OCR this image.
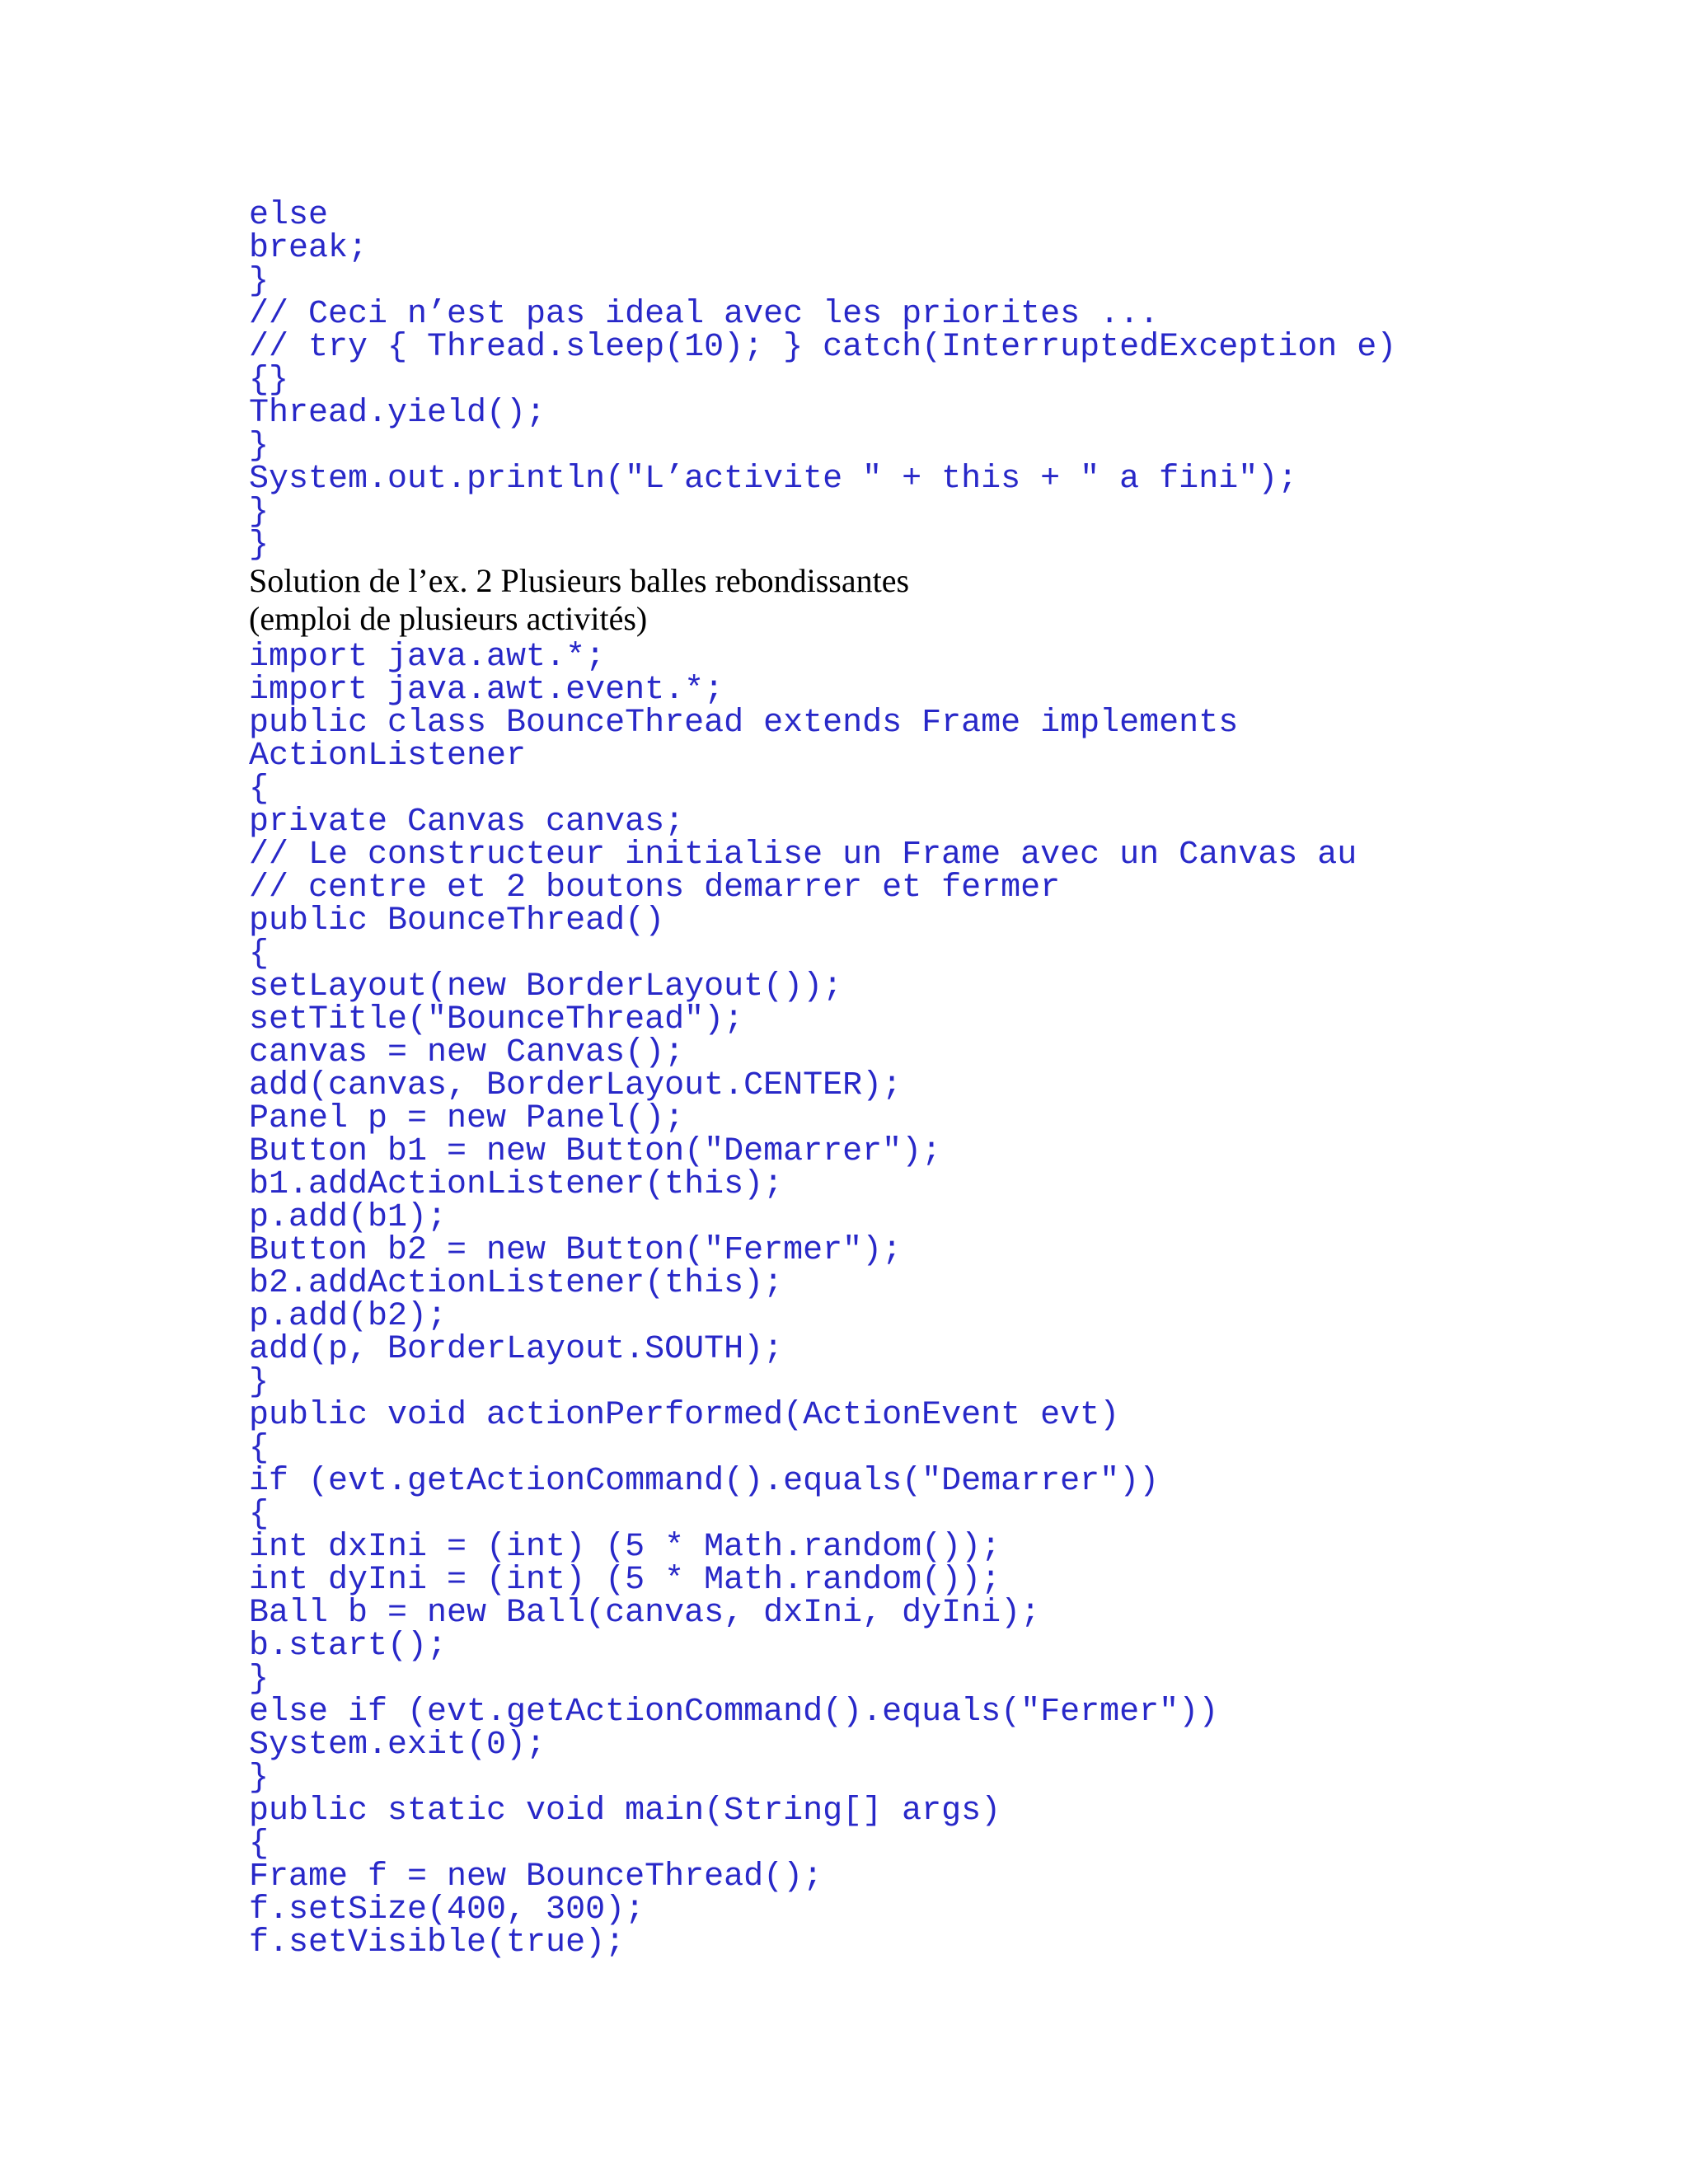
else
break;
}
// Ceci n’est pas ideal avec les priorites ...
// try { Thread.sleep(10); } catch(InterruptedException e)
{}
Thread.yield();
}
System.out.println("L’activite " + this + " a fini");
}
}
Solution de l’ex. 2 Plusieurs balles rebondissantes
(emploi de plusieurs activités)
import java.awt.*;
import java.awt.event.*;
public class BounceThread extends Frame implements
ActionListener
{
private Canvas canvas;
// Le constructeur initialise un Frame avec un Canvas au
// centre et 2 boutons demarrer et fermer
public BounceThread()
{
setLayout(new BorderLayout());
setTitle("BounceThread");
canvas = new Canvas();
add(canvas, BorderLayout.CENTER);
Panel p = new Panel();
Button b1 = new Button("Demarrer");
b1.addActionListener(this);
p.add(b1);
Button b2 = new Button("Fermer");
b2.addActionListener(this);
p.add(b2);
add(p, BorderLayout.SOUTH);
}
public void actionPerformed(ActionEvent evt)
{
if (evt.getActionCommand().equals("Demarrer"))
{
int dxIni = (int) (5 * Math.random());
int dyIni = (int) (5 * Math.random());
Ball b = new Ball(canvas, dxIni, dyIni);
b.start();
}
else if (evt.getActionCommand().equals("Fermer"))
System.exit(0);
}
public static void main(String[] args)
{
Frame f = new BounceThread();
f.setSize(400, 300);
f.setVisible(true);
